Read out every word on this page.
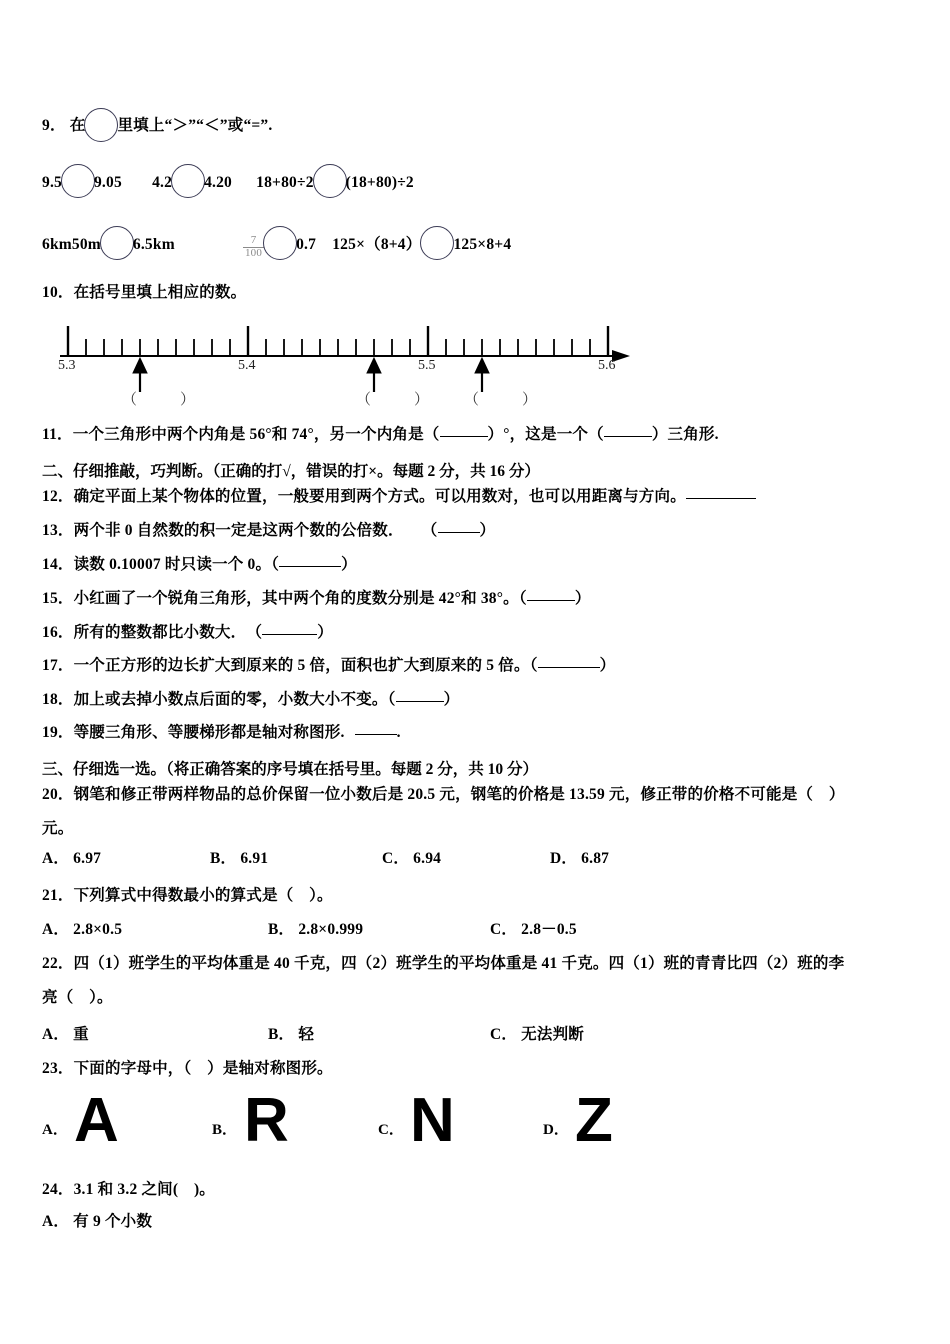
9． 在 里填上“＞”“＜”或“=”.
9.5 9.05 4.2 4.20 18+80÷2 (18+80)÷2
6km50m 6.5km	$\frac{7}{100} 0.7$ 125×（8+4） 125×8+4
10．在括号里填上相应的数。
5.3	5.4	5.5	5.6
（　）	（　） （　）
11．一个三角形中两个内角是 56°和 74°，另一个内角是（	）°，这是一个（	）三角形.
二、仔细推敲，巧判断。（正确的打√，错误的打×。每题 2 分，共 16 分）
12．确定平面上某个物体的位置，一般要用到两个方式。可以用数对，也可以用距离与方向。
13．两个非 0 自然数的积一定是这两个数的公倍数． （	）
14．读数 0.10007 时只读一个 0。（	）
15．小红画了一个锐角三角形，其中两个角的度数分别是 42°和 38°。（	）
16．所有的整数都比小数大．　（	）
17．一个正方形的边长扩大到原来的 5 倍，面积也扩大到原来的 5 倍。（	）
18．加上或去掉小数点后面的零，小数大小不变。（	）
19．等腰三角形、等腰梯形都是轴对称图形.	.
三、仔细选一选。（将正确答案的序号填在括号里。每题 2 分，共 10 分）
20．钢笔和修正带两样物品的总价保留一位小数后是 20.5 元，钢笔的价格是 13.59 元，修正带的价格不可能是（　）
元。
A． 6.97	B． 6.91	C． 6.94	D． 6.87
21．下列算式中得数最小的算式是（　）。
A． 2.8×0.5	B． 2.8×0.999	C． 2.8－0.5
22．四（1）班学生的平均体重是 40 千克，四（2）班学生的平均体重是 41 千克。四（1）班的青青比四（2）班的李
亮（　）。
A． 重	B． 轻	C． 无法判断
23．下面的字母中，（　）是轴对称图形。
A． A	B． R	C． N	D． Z
24．3.1 和 3.2 之间(　)。
A． 有 9 个小数
